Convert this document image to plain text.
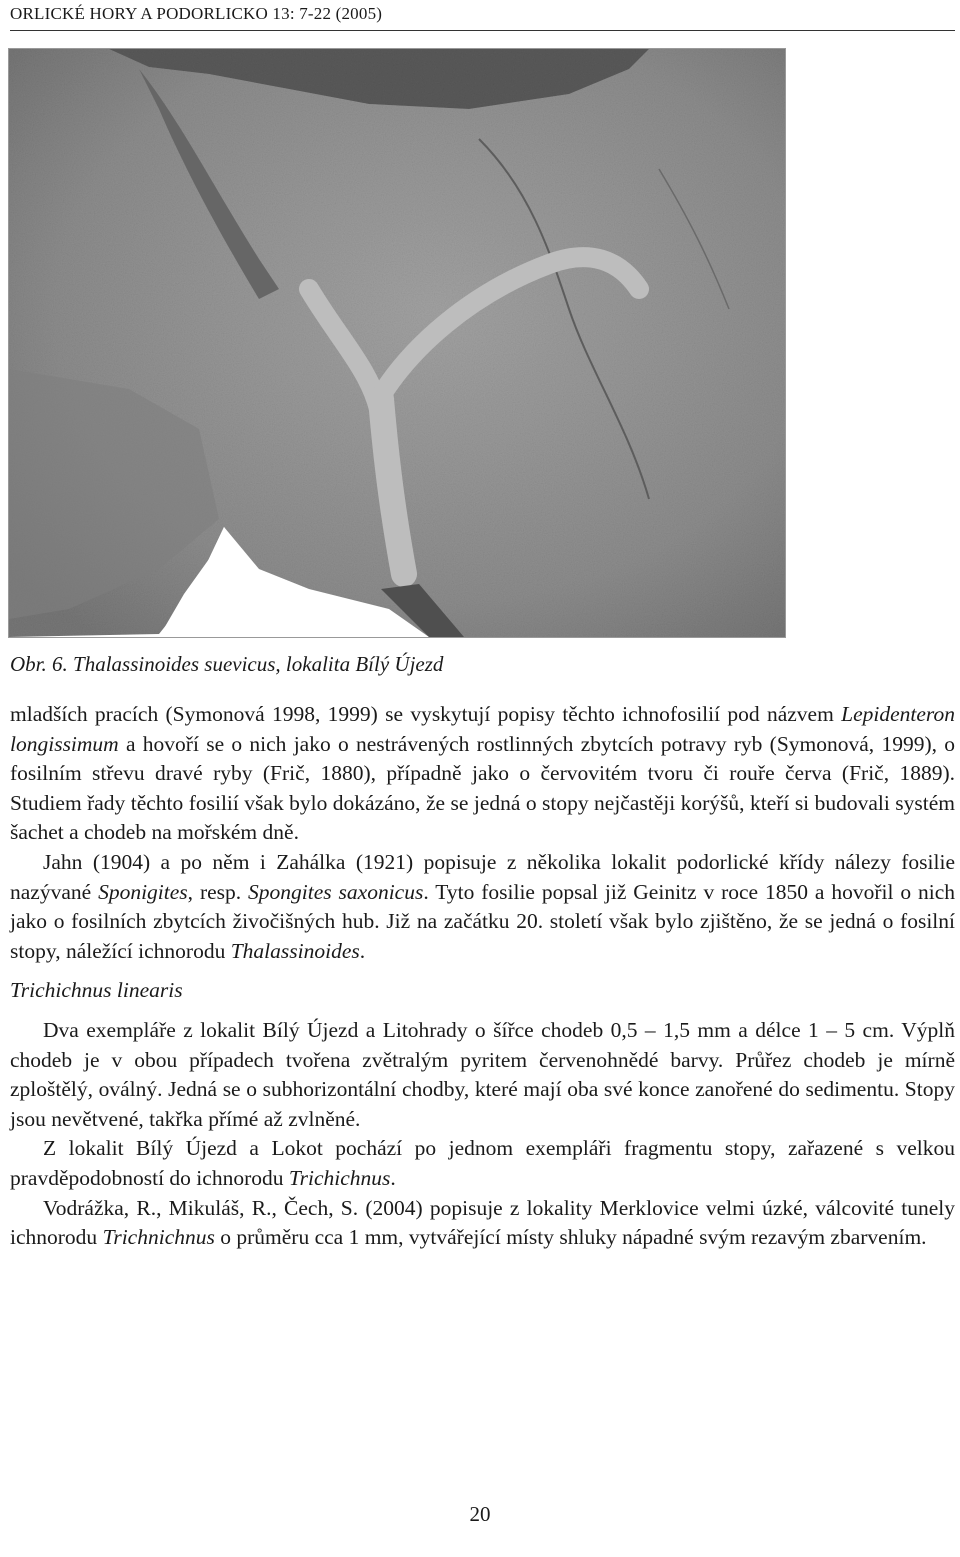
ORLICKÉ HORY A PODORLICKO 13: 7-22 (2005)
Obr. 6. Thalassinoides suevicus, lokalita Bílý Újezd

mladších pracích (Symonová 1998, 1999) se vyskytují popisy těchto ichnofosilií pod názvem Lepidenteron longissimum a hovoří se o nich jako o nestrávených rostlinných zbytcích potravy ryb (Symonová, 1999), o fosilním střevu dravé ryby (Frič, 1880), případně jako o červovitém tvoru či rouře červa (Frič, 1889). Studiem řady těchto fosilií však bylo dokázáno, že se jedná o stopy nejčastěji korýšů, kteří si budovali systém šachet a chodeb na mořském dně.

Jahn (1904) a po něm i Zahálka (1921) popisuje z několika lokalit podorlické křídy nálezy fosilie nazývané Sponigites, resp. Spongites saxonicus. Tyto fosilie popsal již Geinitz v roce 1850 a hovořil o nich jako o fosilních zbytcích živočišných hub. Již na začátku 20. století však bylo zjištěno, že se jedná o fosilní stopy, náležící ichnorodu Thalassinoides.

Trichichnus linearis

Dva exempláře z lokalit Bílý Újezd a Litohrady o šířce chodeb 0,5 – 1,5 mm a délce 1 – 5 cm. Výplň chodeb je v obou případech tvořena zvětralým pyritem červenohnědé barvy. Průřez chodeb je mírně zploštělý, oválný. Jedná se o subhorizontální chodby, které mají oba své konce zanořené do sedimentu. Stopy jsou nevětvené, takřka přímé až zvlněné.

Z lokalit Bílý Újezd a Lokot pochází po jednom exempláři fragmentu stopy, zařazené s velkou pravděpodobností do ichnorodu Trichichnus.

Vodrážka, R., Mikuláš, R., Čech, S. (2004) popisuje z lokality Merklovice velmi úzké, válcovité tunely ichnorodu Trichnichnus o průměru cca 1 mm, vytvářející místy shluky nápadné svým rezavým zbarvením.

20
